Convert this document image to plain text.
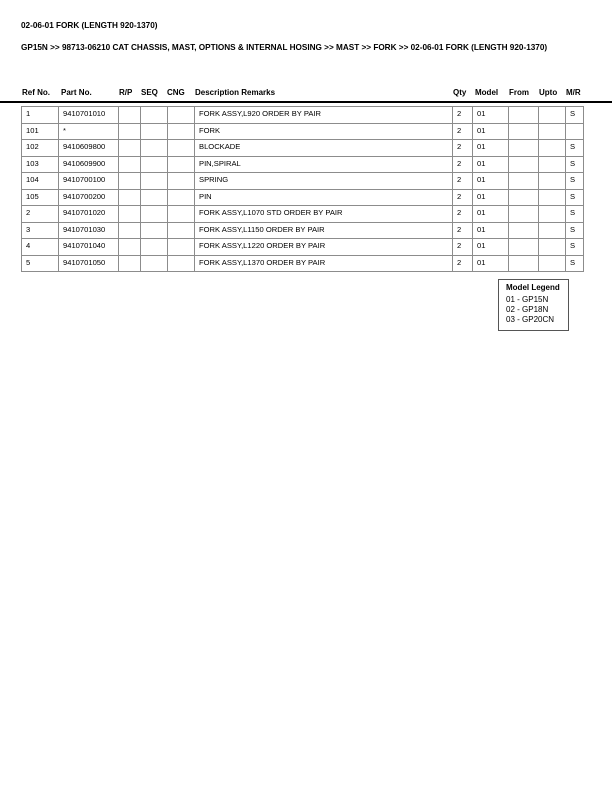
02-06-01 FORK (LENGTH 920-1370)
GP15N >> 98713-06210 CAT CHASSIS, MAST, OPTIONS & INTERNAL HOSING >> MAST >> FORK >> 02-06-01 FORK (LENGTH 920-1370)
Ref No. Part No.	R/P SEQ CNG Description Remarks	Qty Model From Upto M/R
1	9410701010				FORK ASSY,L920 ORDER BY PAIR	2	01			S
101	*				FORK	2	01			
102	9410609800				BLOCKADE	2	01			S
103	9410609900				PIN,SPIRAL	2	01			S
104	9410700100				SPRING	2	01			S
105	9410700200				PIN	2	01			S
2	9410701020				FORK ASSY,L1070 STD ORDER BY PAIR	2	01			S
3	9410701030				FORK ASSY,L1150 ORDER BY PAIR	2	01			S
4	9410701040				FORK ASSY,L1220 ORDER BY PAIR	2	01			S
5	9410701050				FORK ASSY,L1370 ORDER BY PAIR	2	01			S
Model Legend
01 - GP15N
02 - GP18N
03 - GP20CN
